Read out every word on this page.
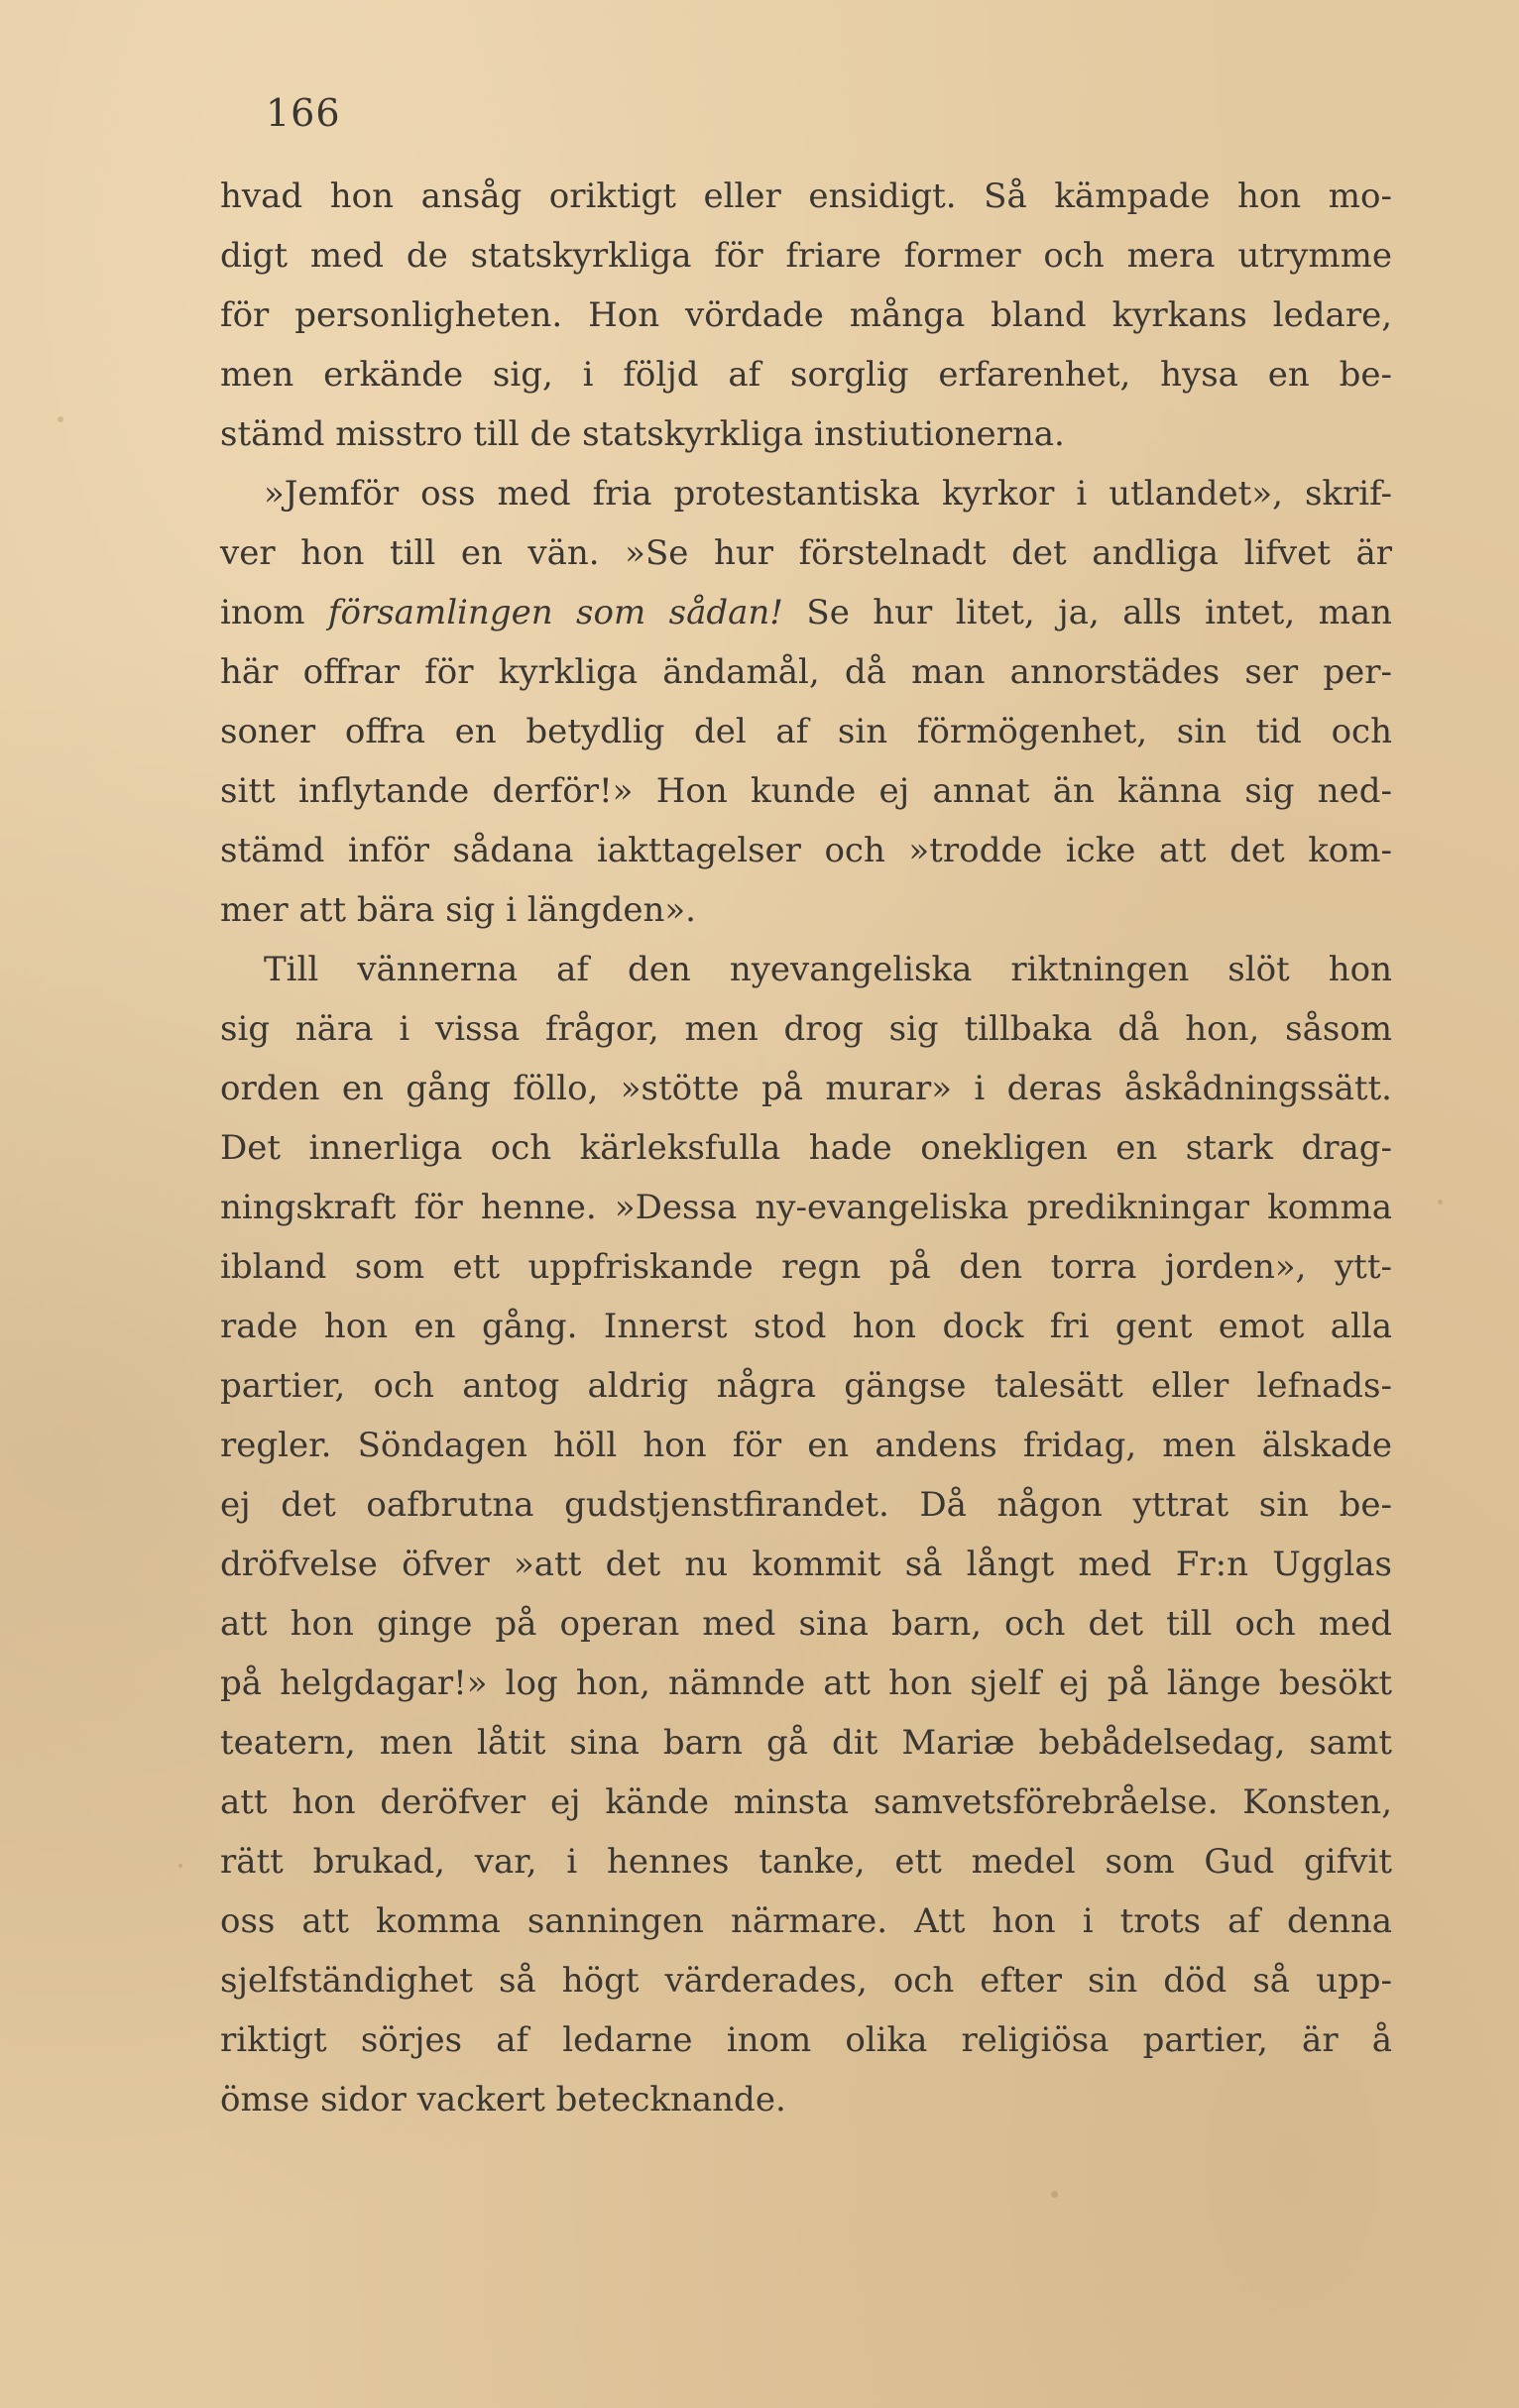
166
hvad hon ansåg oriktigt eller ensidigt. Så kämpade hon mo-
digt med de statskyrkliga för friare former och mera utrymme
för personligheten. Hon vördade många bland kyrkans ledare,
men erkände sig, i följd af sorglig erfarenhet, hysa en be-
stämd misstro till de statskyrkliga instiutionerna.
»Jemför oss med fria protestantiska kyrkor i utlandet», skrif-
ver hon till en vän. »Se hur förstelnadt det andliga lifvet är
inom församlingen som sådan! Se hur litet, ja, alls intet, man
här offrar för kyrkliga ändamål, då man annorstädes ser per-
soner offra en betydlig del af sin förmögenhet, sin tid och
sitt inflytande derför!» Hon kunde ej annat än känna sig ned-
stämd inför sådana iakttagelser och »trodde icke att det kom-
mer att bära sig i längden».
Till vännerna af den nyevangeliska riktningen slöt hon
sig nära i vissa frågor, men drog sig tillbaka då hon, såsom
orden en gång föllo, »stötte på murar» i deras åskådningssätt.
Det innerliga och kärleksfulla hade onekligen en stark drag-
ningskraft för henne. »Dessa ny-evangeliska predikningar komma
ibland som ett uppfriskande regn på den torra jorden», ytt-
rade hon en gång. Innerst stod hon dock fri gent emot alla
partier, och antog aldrig några gängse talesätt eller lefnads-
regler. Söndagen höll hon för en andens fridag, men älskade
ej det oafbrutna gudstjenstfirandet. Då någon yttrat sin be-
dröfvelse öfver »att det nu kommit så långt med Fr:n Ugglas
att hon ginge på operan med sina barn, och det till och med
på helgdagar!» log hon, nämnde att hon sjelf ej på länge besökt
teatern, men låtit sina barn gå dit Mariæ bebådelsedag, samt
att hon deröfver ej kände minsta samvetsförebråelse. Konsten,
rätt brukad, var, i hennes tanke, ett medel som Gud gifvit
oss att komma sanningen närmare. Att hon i trots af denna
sjelfständighet så högt värderades, och efter sin död så upp-
riktigt sörjes af ledarne inom olika religiösa partier, är å
ömse sidor vackert betecknande.
